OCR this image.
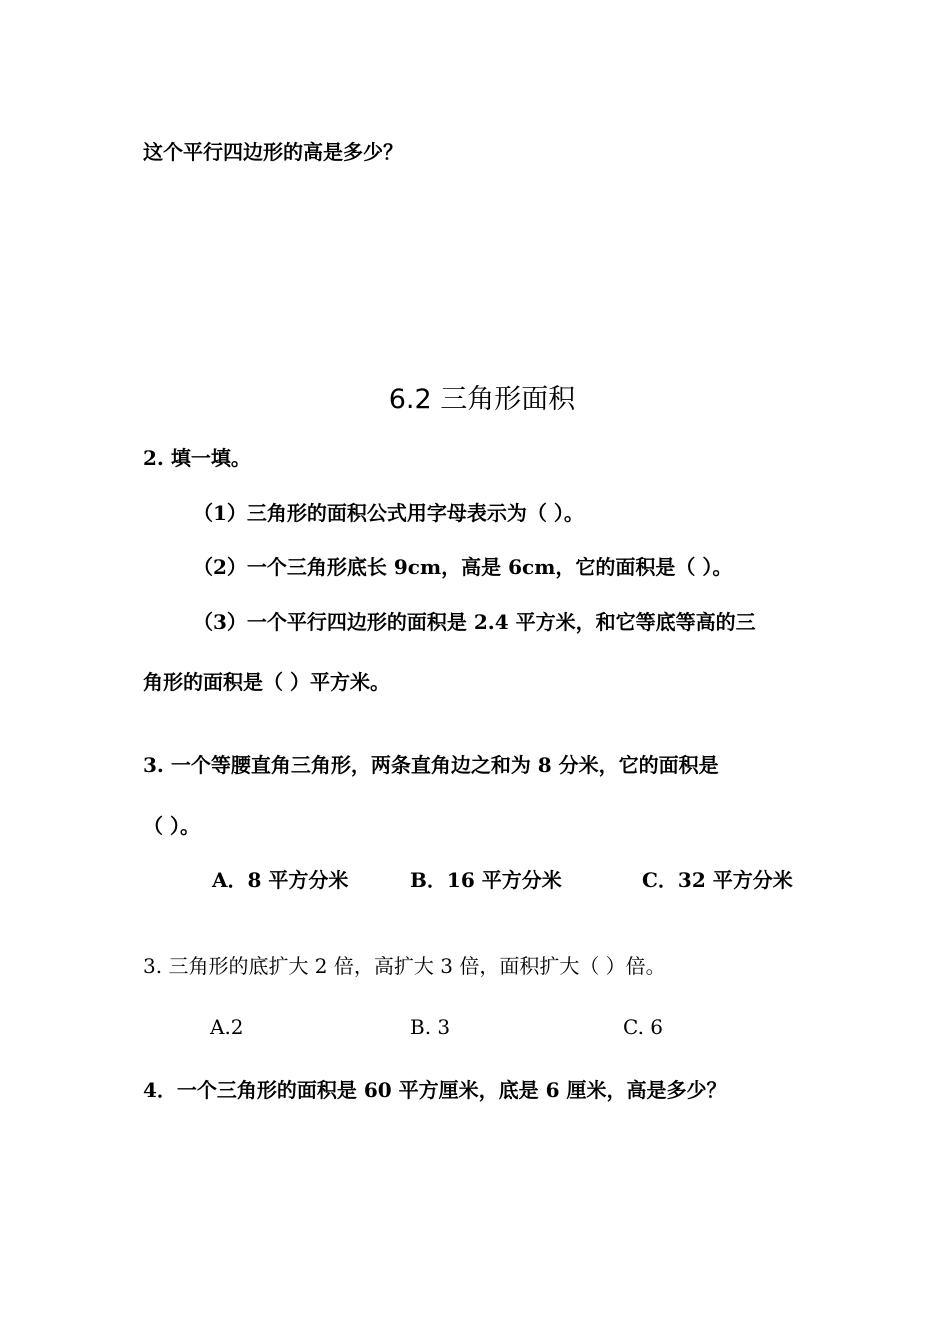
这个平行四边形的高是多少？
6.2 三角形面积
2. 填一填。
（1）三角形的面积公式用字母表示为（ ）。
（2）一个三角形底长 9cm，高是 6cm，它的面积是（ ）。
（3）一个平行四边形的面积是 2.4 平方米，和它等底等高的三
角形的面积是（ ）平方米。
3. 一个等腰直角三角形，两条直角边之和为 8 分米，它的面积是
（ ）。
A．8 平方分米	B．16 平方分米	C．32 平方分米
3. 三角形的底扩大 2 倍，高扩大 3 倍，面积扩大（ ）倍。
A.2	B. 3	C. 6
4．一个三角形的面积是 60 平方厘米，底是 6 厘米，高是多少？
